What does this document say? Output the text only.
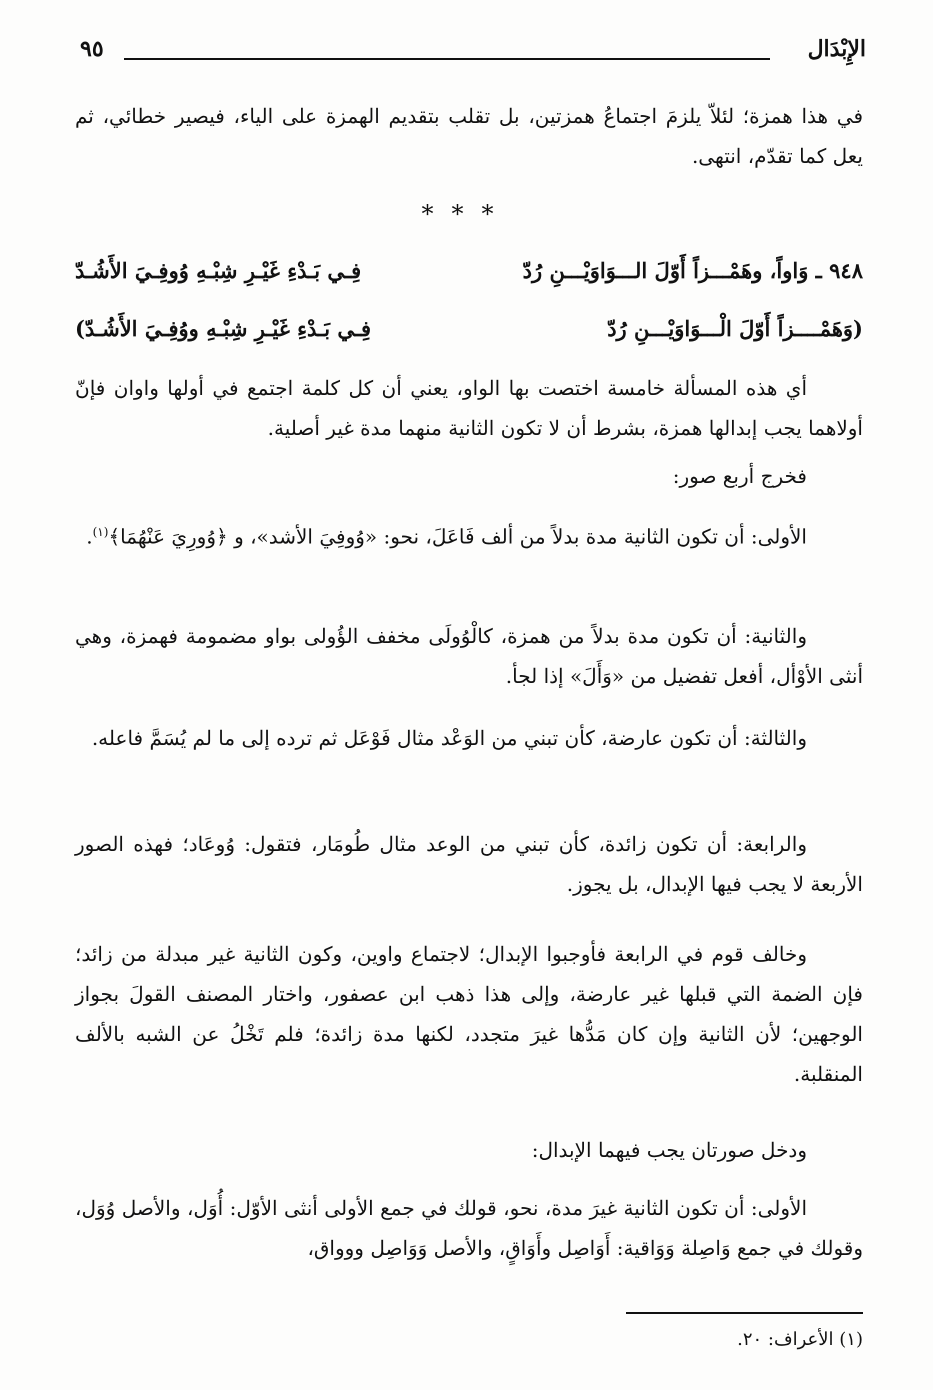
الإِبْدَال
٩٥
في هذا همزة؛ لئلاّ يلزمَ اجتماعُ همزتين، بل تقلب بتقديم الهمزة على الياء، فيصير خطائي، ثم يعل كما تقدّم، انتهى.
***
٩٤٨ ـ وَاواً، وهَمْـــزاً أَوّلَ الـــوَاوَيْـــنِ رُدّ
فِـي بَـدْءِ غَيْـرِ شِبْـهِ وُوفِـيَ الأَشُـدّ
(وَهَمْــــزاً أَوّلَ الْـــوَاوَيْـــنِ رُدّ
فِـي بَـدْءِ غَيْـرِ شِبْـهِ ووُفِـيَ الأَشُـدّ)
أي هذه المسألة خامسة اختصت بها الواو، يعني أن كل كلمة اجتمع في أولها واوان فإنّ أولاهما يجب إبدالها همزة، بشرط أن لا تكون الثانية منهما مدة غير أصلية.
فخرج أربع صور:
الأولى: أن تكون الثانية مدة بدلاً من ألف فَاعَلَ، نحو: «وُوفِيَ الأشد»، و ﴿وُورِيَ عَنْهُمَا﴾$^{(١)}$.
والثانية: أن تكون مدة بدلاً من همزة، كالْوُولَى مخفف الؤُولى بواو مضمومة فهمزة، وهي أنثى الأوْأل، أفعل تفضيل من «وَأَلَ» إذا لجأ.
والثالثة: أن تكون عارضة، كأن تبني من الوَعْد مثال فَوْعَل ثم ترده إلى ما لم يُسَمَّ فاعله.
والرابعة: أن تكون زائدة، كأن تبني من الوعد مثال طُومَار، فتقول: وُوعَاد؛ فهذه الصور الأربعة لا يجب فيها الإبدال، بل يجوز.
وخالف قوم في الرابعة فأوجبوا الإبدال؛ لاجتماع واوين، وكون الثانية غير مبدلة من زائد؛ فإن الضمة التي قبلها غير عارضة، وإلى هذا ذهب ابن عصفور، واختار المصنف القولَ بجواز الوجهين؛ لأن الثانية وإن كان مَدُّها غيرَ متجدد، لكنها مدة زائدة؛ فلم تَخْلُ عن الشبه بالألف المنقلبة.
ودخل صورتان يجب فيهما الإبدال:
الأولى: أن تكون الثانية غيرَ مدة، نحو، قولك في جمع الأولى أنثى الأوّل: أُوَل، والأصل وُوَل، وقولك في جمع وَاصِلة وَوَاقية: أَوَاصِل وأَوَاقٍ، والأصل وَوَاصِل ووواق،
(١) الأعراف: ٢٠.
